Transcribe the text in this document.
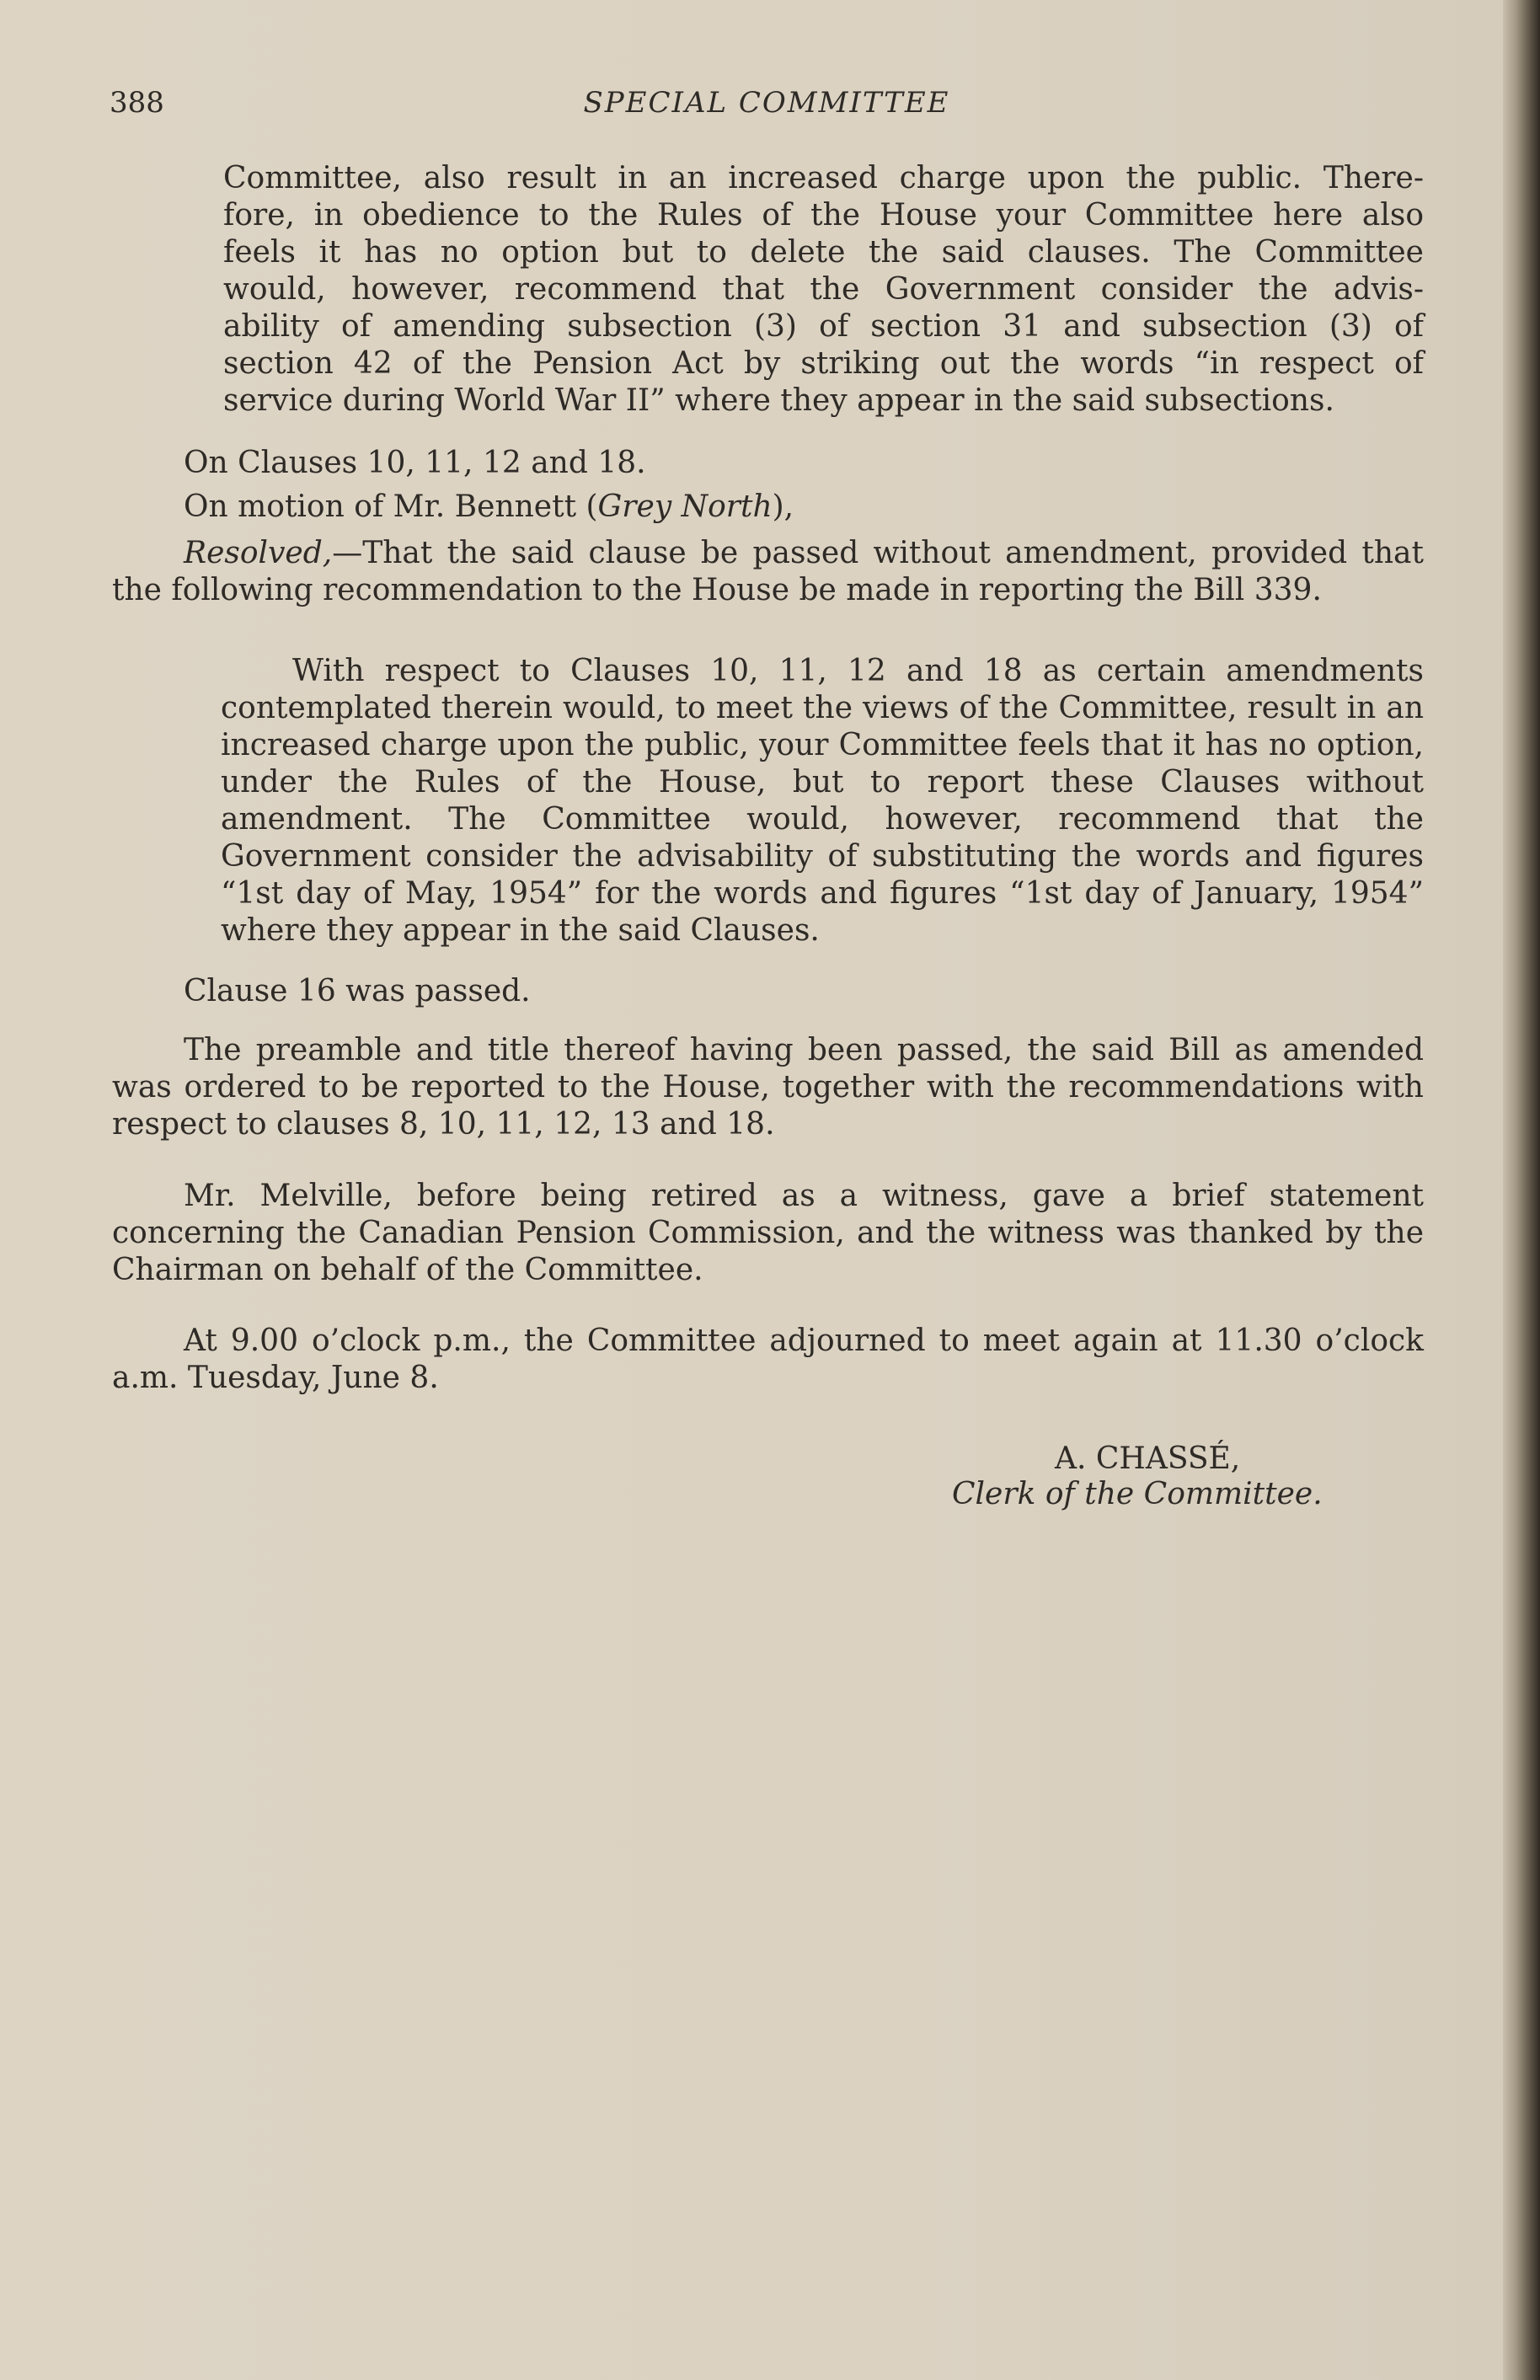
388	SPECIAL COMMITTEE
Committee, also result in an increased charge upon the public. There-
fore, in obedience to the Rules of the House your Committee here also
feels it has no option but to delete the said clauses. The Committee
would, however, recommend that the Government consider the advis-
ability of amending subsection (3) of section 31 and subsection (3) of
section 42 of the Pension Act by striking out the words “in respect of
service during World War II” where they appear in the said subsections.
On Clauses 10, 11, 12 and 18.
On motion of Mr. Bennett (Grey North),
Resolved,—That the said clause be passed without amendment, provided that the following recommendation to the House be made in reporting the Bill 339.
With respect to Clauses 10, 11, 12 and 18 as certain amendments contemplated therein would, to meet the views of the Committee, result in an increased charge upon the public, your Committee feels that it has no option, under the Rules of the House, but to report these Clauses without amendment. The Committee would, however, recommend that the Government consider the advisability of substituting the words and figures “1st day of May, 1954” for the words and figures “1st day of January, 1954” where they appear in the said Clauses.
Clause 16 was passed.
The preamble and title thereof having been passed, the said Bill as amended was ordered to be reported to the House, together with the recommendations with respect to clauses 8, 10, 11, 12, 13 and 18.
Mr. Melville, before being retired as a witness, gave a brief statement concerning the Canadian Pension Commission, and the witness was thanked by the Chairman on behalf of the Committee.
At 9.00 o’clock p.m., the Committee adjourned to meet again at 11.30 o’clock a.m. Tuesday, June 8.
A. CHASSÉ,
Clerk of the Committee.
